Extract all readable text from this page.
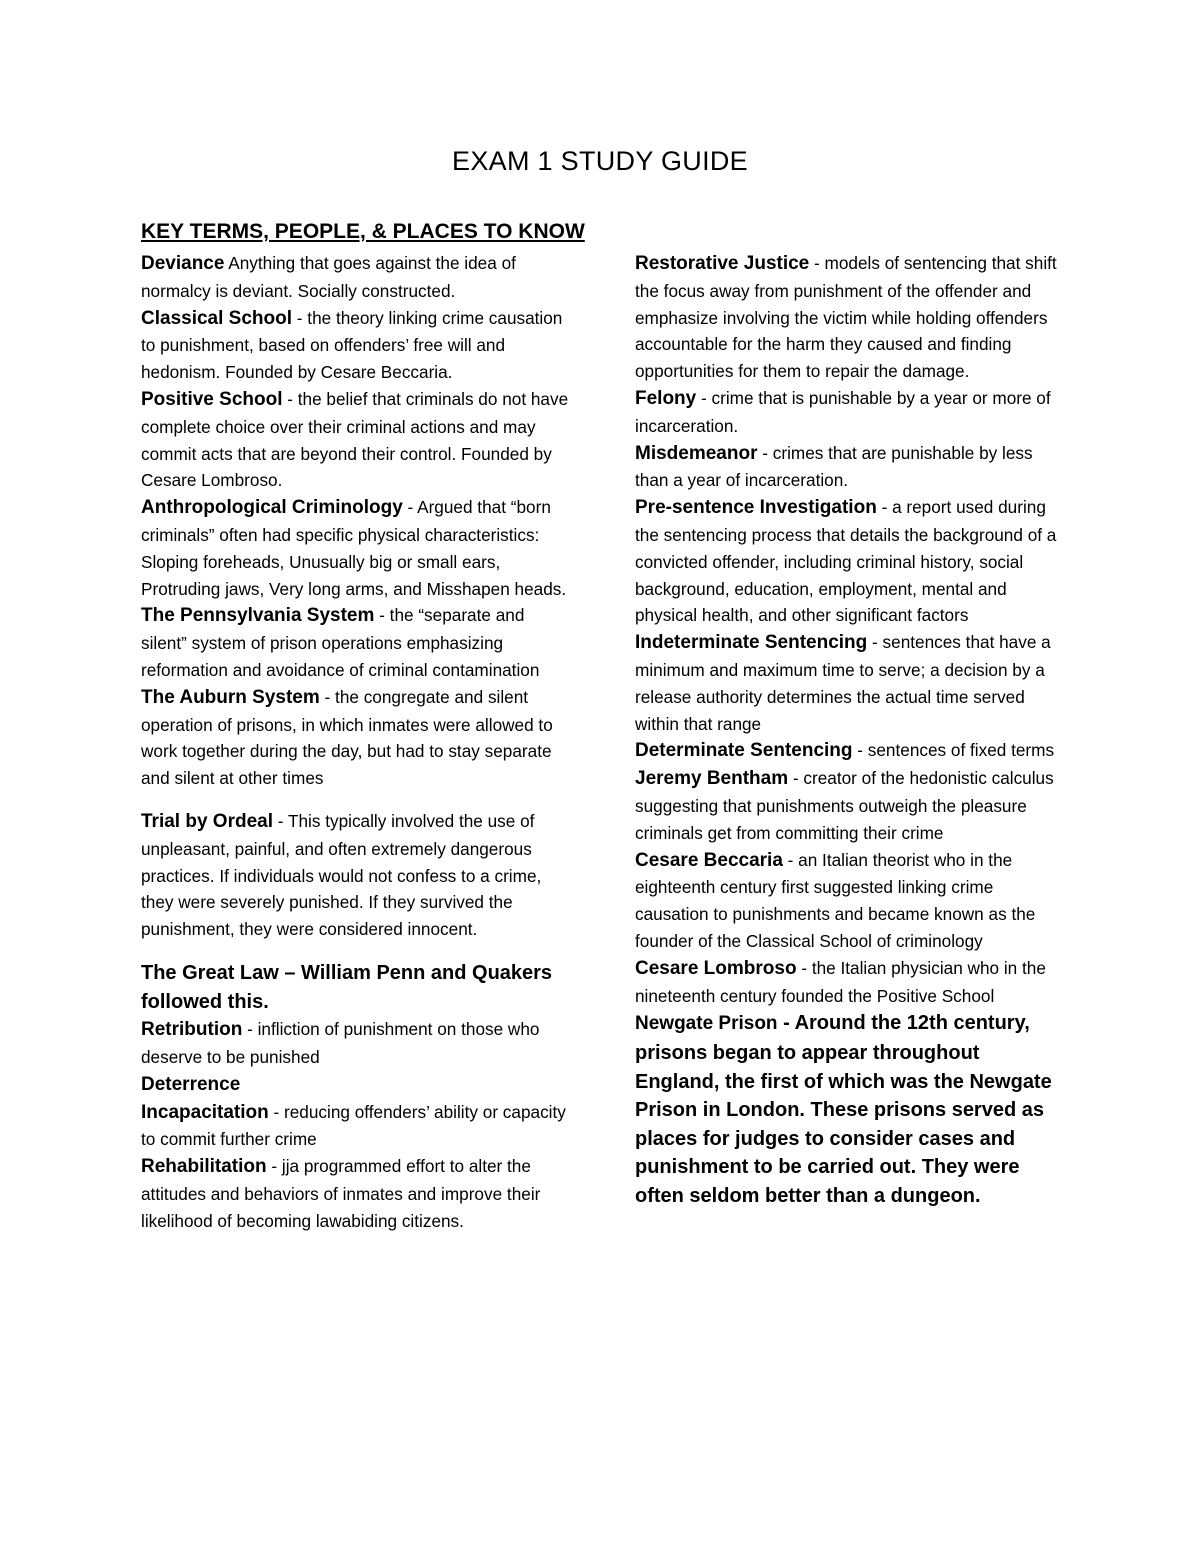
EXAM 1 STUDY GUIDE
KEY TERMS, PEOPLE, & PLACES TO KNOW

Deviance Anything that goes against the idea of normalcy is deviant. Socially constructed.

Classical School - the theory linking crime causation to punishment, based on offenders’ free will and hedonism. Founded by Cesare Beccaria.

Positive School - the belief that criminals do not have complete choice over their criminal actions and may commit acts that are beyond their control. Founded by Cesare Lombroso.

Anthropological Criminology - Argued that “born criminals” often had specific physical characteristics: Sloping foreheads, Unusually big or small ears, Protruding jaws, Very long arms, and Misshapen heads.

The Pennsylvania System - the “separate and silent” system of prison operations emphasizing reformation and avoidance of criminal contamination

The Auburn System - the congregate and silent operation of prisons, in which inmates were allowed to work together during the day, but had to stay separate and silent at other times

Trial by Ordeal - This typically involved the use of unpleasant, painful, and often extremely dangerous practices. If individuals would not confess to a crime, they were severely punished. If they survived the punishment, they were considered innocent.

The Great Law – William Penn and Quakers followed this.

Retribution - infliction of punishment on those who deserve to be punished

Deterrence

Incapacitation - reducing offenders’ ability or capacity to commit further crime

Rehabilitation - jja programmed effort to alter the attitudes and behaviors of inmates and improve their likelihood of becoming lawabiding citizens.

Restorative Justice - models of sentencing that shift the focus away from punishment of the offender and emphasize involving the victim while holding offenders accountable for the harm they caused and finding opportunities for them to repair the damage.

Felony - crime that is punishable by a year or more of incarceration.

Misdemeanor - crimes that are punishable by less than a year of incarceration.

Pre-sentence Investigation - a report used during the sentencing process that details the background of a convicted offender, including criminal history, social background, education, employment, mental and physical health, and other significant factors

Indeterminate Sentencing - sentences that have a minimum and maximum time to serve; a decision by a release authority determines the actual time served within that range

Determinate Sentencing - sentences of fixed terms

Jeremy Bentham - creator of the hedonistic calculus suggesting that punishments outweigh the pleasure criminals get from committing their crime

Cesare Beccaria - an Italian theorist who in the eighteenth century first suggested linking crime causation to punishments and became known as the founder of the Classical School of criminology

Cesare Lombroso - the Italian physician who in the nineteenth century founded the Positive School

Newgate Prison - Around the 12th century, prisons began to appear throughout England, the first of which was the Newgate Prison in London. These prisons served as places for judges to consider cases and punishment to be carried out. They were often seldom better than a dungeon.
